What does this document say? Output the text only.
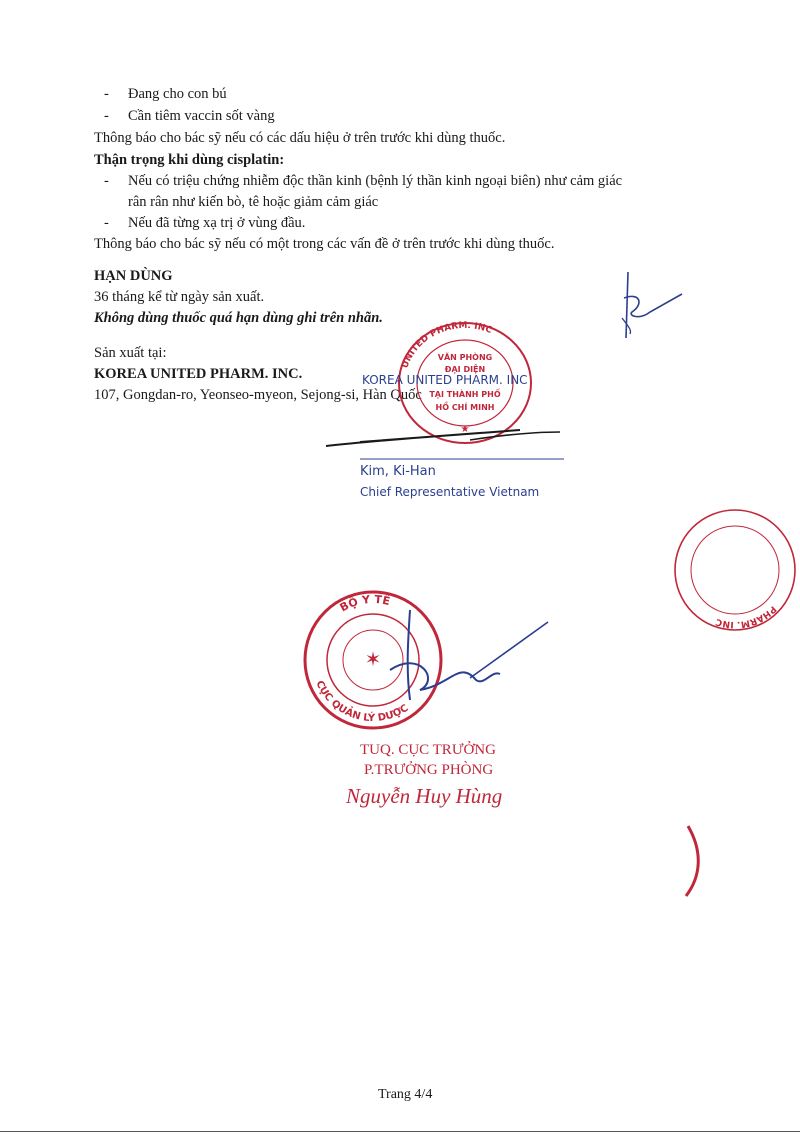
- Đang cho con bú
- Cần tiêm vaccin sốt vàng
Thông báo cho bác sỹ nếu có các dấu hiệu ở trên trước khi dùng thuốc.
Thận trọng khi dùng cisplatin:
- Nếu có triệu chứng nhiễm độc thần kinh (bệnh lý thần kinh ngoại biên) như cảm giác
rân rân như kiến bò, tê hoặc giảm cảm giác
- Nếu đã từng xạ trị ở vùng đầu.
Thông báo cho bác sỹ nếu có một trong các vấn đề ở trên trước khi dùng thuốc.
HẠN DÙNG
36 tháng kể từ ngày sản xuất.
Không dùng thuốc quá hạn dùng ghi trên nhãn.
Sản xuất tại:
KOREA UNITED PHARM. INC.
107, Gongdan-ro, Yeonseo-myeon, Sejong-si, Hàn Quốc
UNITED PHARM. INC
VĂN PHÒNG
ĐẠI DIỆN
TẠI THÀNH PHỐ
HỒ CHÍ MINH
★
KOREA UNITED PHARM. INC
Kim, Ki-Han
Chief Representative Vietnam
PHARM. INC
BỘ Y TẾ
CỤC QUẢN LÝ DƯỢC
✶
TUQ. CỤC TRƯỞNG
P.TRƯỞNG PHÒNG
Nguyễn Huy Hùng
Trang 4/4
